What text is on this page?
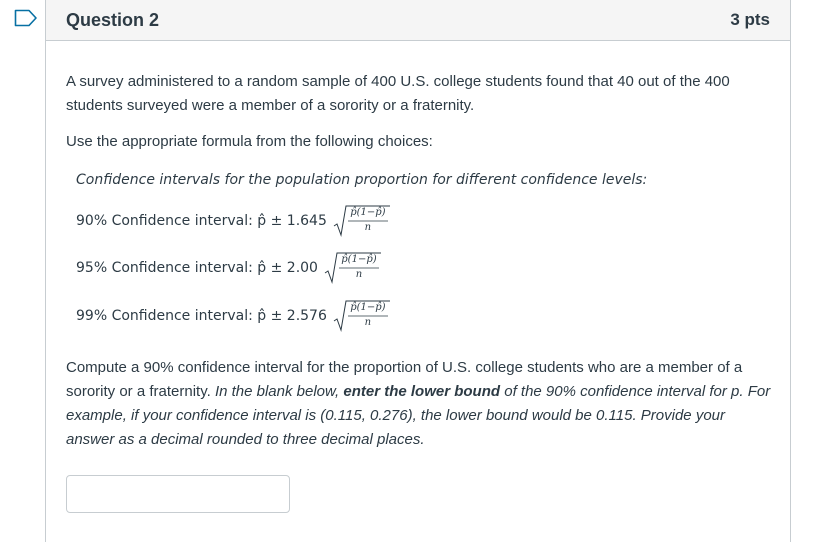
Question 2	3 pts

A survey administered to a random sample of 400 U.S. college students found that 40 out of the 400 students surveyed were a member of a sorority or a fraternity.

Use the appropriate formula from the following choices:

Confidence intervals for the population proportion for different confidence levels:
90% Confidence interval: p̂ ± 1.645
p̂(1−p̂)
n
95% Confidence interval: p̂ ± 2.00
p̂(1−p̂)
n
99% Confidence interval: p̂ ± 2.576
p̂(1−p̂)
n

Compute a 90% confidence interval for the proportion of U.S. college students who are a member of a sorority or a fraternity. In the blank below, enter the lower bound of the 90% confidence interval for p. For example, if your confidence interval is (0.115, 0.276), the lower bound would be 0.115. Provide your answer as a decimal rounded to three decimal places.
